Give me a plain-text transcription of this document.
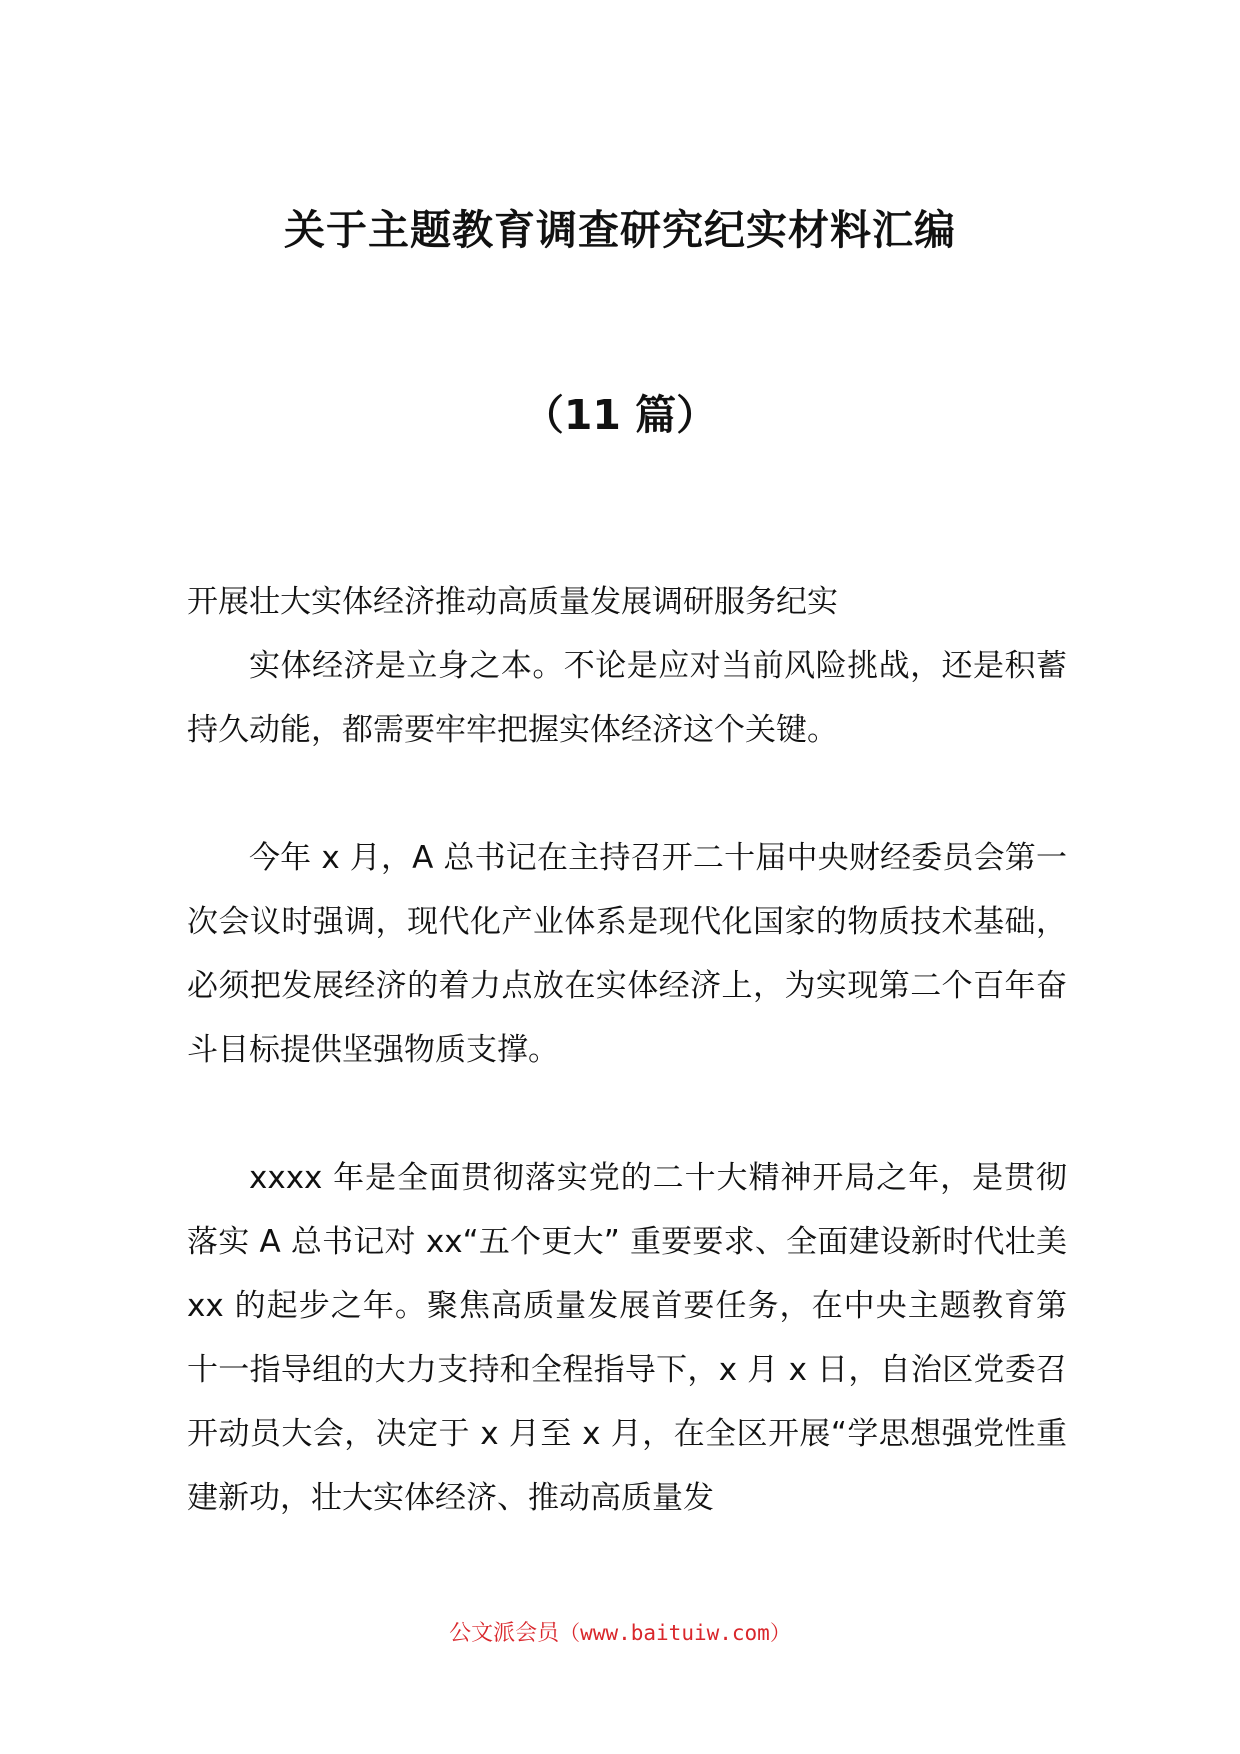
关于主题教育调查研究纪实材料汇编
（11 篇）
开展壮大实体经济推动高质量发展调研服务纪实

实体经济是立身之本。不论是应对当前风险挑战，还是积蓄持久动能，都需要牢牢把握实体经济这个关键。

今年 x 月，A 总书记在主持召开二十届中央财经委员会第一次会议时强调，现代化产业体系是现代化国家的物质技术基础，必须把发展经济的着力点放在实体经济上，为实现第二个百年奋斗目标提供坚强物质支撑。

xxxx 年是全面贯彻落实党的二十大精神开局之年，是贯彻落实 A 总书记对 xx“五个更大” 重要要求、全面建设新时代壮美 xx 的起步之年。聚焦高质量发展首要任务，在中央主题教育第十一指导组的大力支持和全程指导下，x 月 x 日，自治区党委召开动员大会，决定于 x 月至 x 月，在全区开展“学思想强党性重建新功，壮大实体经济、推动高质量发

公文派会员（www.baituiw.com）
